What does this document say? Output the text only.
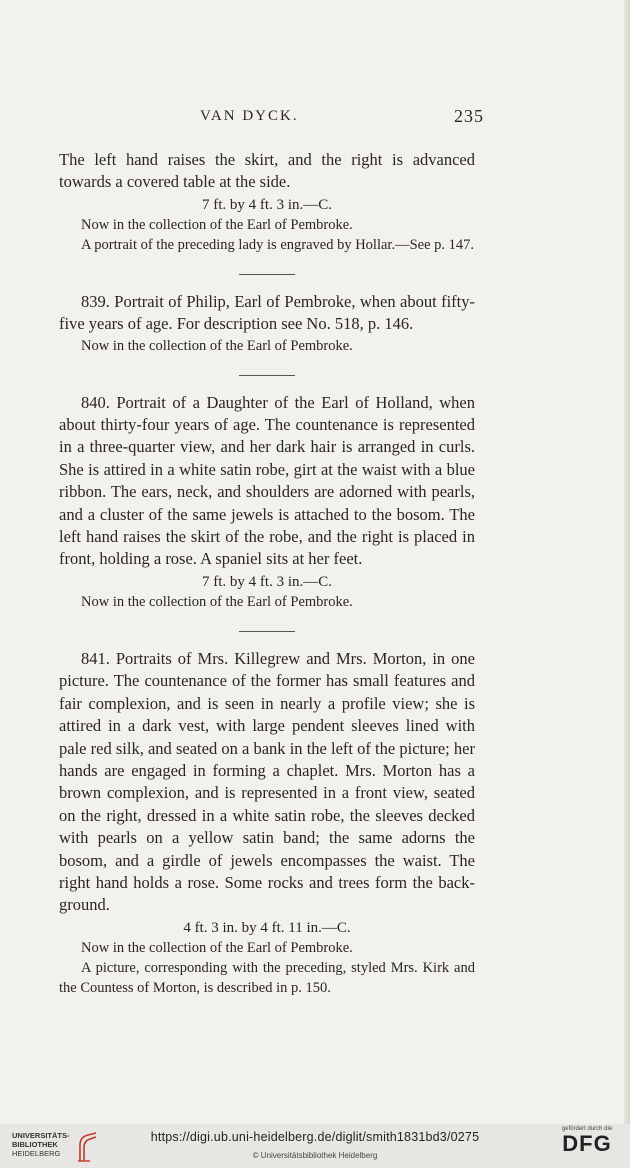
VAN DYCK.	235

The left hand raises the skirt, and the right is advanced towards a covered table at the side.

7 ft. by 4 ft. 3 in.—C.

Now in the collection of the Earl of Pembroke.

A portrait of the preceding lady is engraved by Hollar.—See p. 147.

839. Portrait of Philip, Earl of Pembroke, when about fifty-five years of age. For description see No. 518, p. 146.

Now in the collection of the Earl of Pembroke.

840. Portrait of a Daughter of the Earl of Holland, when about thirty-four years of age. The countenance is represented in a three-quarter view, and her dark hair is arranged in curls. She is attired in a white satin robe, girt at the waist with a blue ribbon. The ears, neck, and shoulders are adorned with pearls, and a cluster of the same jewels is attached to the bosom. The left hand raises the skirt of the robe, and the right is placed in front, holding a rose. A spaniel sits at her feet.

7 ft. by 4 ft. 3 in.—C.

Now in the collection of the Earl of Pembroke.

841. Portraits of Mrs. Killegrew and Mrs. Morton, in one picture. The countenance of the former has small features and fair complexion, and is seen in nearly a profile view; she is attired in a dark vest, with large pendent sleeves lined with pale red silk, and seated on a bank in the left of the picture; her hands are engaged in forming a chaplet. Mrs. Morton has a brown complexion, and is represented in a front view, seated on the right, dressed in a white satin robe, the sleeves decked with pearls on a yellow satin band; the same adorns the bosom, and a girdle of jewels encompasses the waist. The right hand holds a rose. Some rocks and trees form the back-ground.

4 ft. 3 in. by 4 ft. 11 in.—C.

Now in the collection of the Earl of Pembroke.

A picture, corresponding with the preceding, styled Mrs. Kirk and the Countess of Morton, is described in p. 150.

UNIVERSITÄTS-
BIBLIOTHEK
HEIDELBERG
https://digi.ub.uni-heidelberg.de/diglit/smith1831bd3/0275
© Universitätsbibliothek Heidelberg
gefördert durch die
DFG
